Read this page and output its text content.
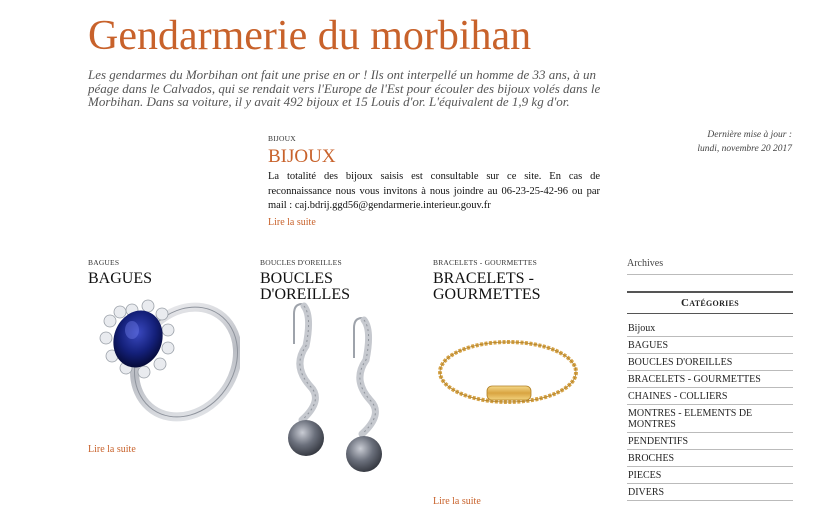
Gendarmerie du morbihan

Les gendarmes du Morbihan ont fait une prise en or ! Ils ont interpellé un homme de 33 ans, à un péage dans le Calvados, qui se rendait vers l'Europe de l'Est pour écouler des bijoux volés dans le Morbihan. Dans sa voiture, il y avait 492 bijoux et 15 Louis d'or. L'équivalent de 1,9 kg d'or.

Dernière mise à jour :
lundi, novembre 20 2017
BIJOUX
BIJOUX

La totalité des bijoux saisis est consultable sur ce site. En cas de reconnaissance nous vous invitons à nous joindre au 06-23-25-42-96 ou par mail : caj.bdrij.ggd56@gendarmerie.interieur.gouv.fr

Lire la suite
BAGUES
BAGUES
Lire la suite
BOUCLES D'OREILLES
BOUCLES D'OREILLES
BRACELETS - GOURMETTES
BRACELETS - GOURMETTES
Lire la suite
Archives
Catégories
Bijoux
BAGUES
BOUCLES D'OREILLES
BRACELETS - GOURMETTES
CHAINES - COLLIERS
MONTRES - ELEMENTS DE MONTRES
PENDENTIFS
BROCHES
PIECES
DIVERS
